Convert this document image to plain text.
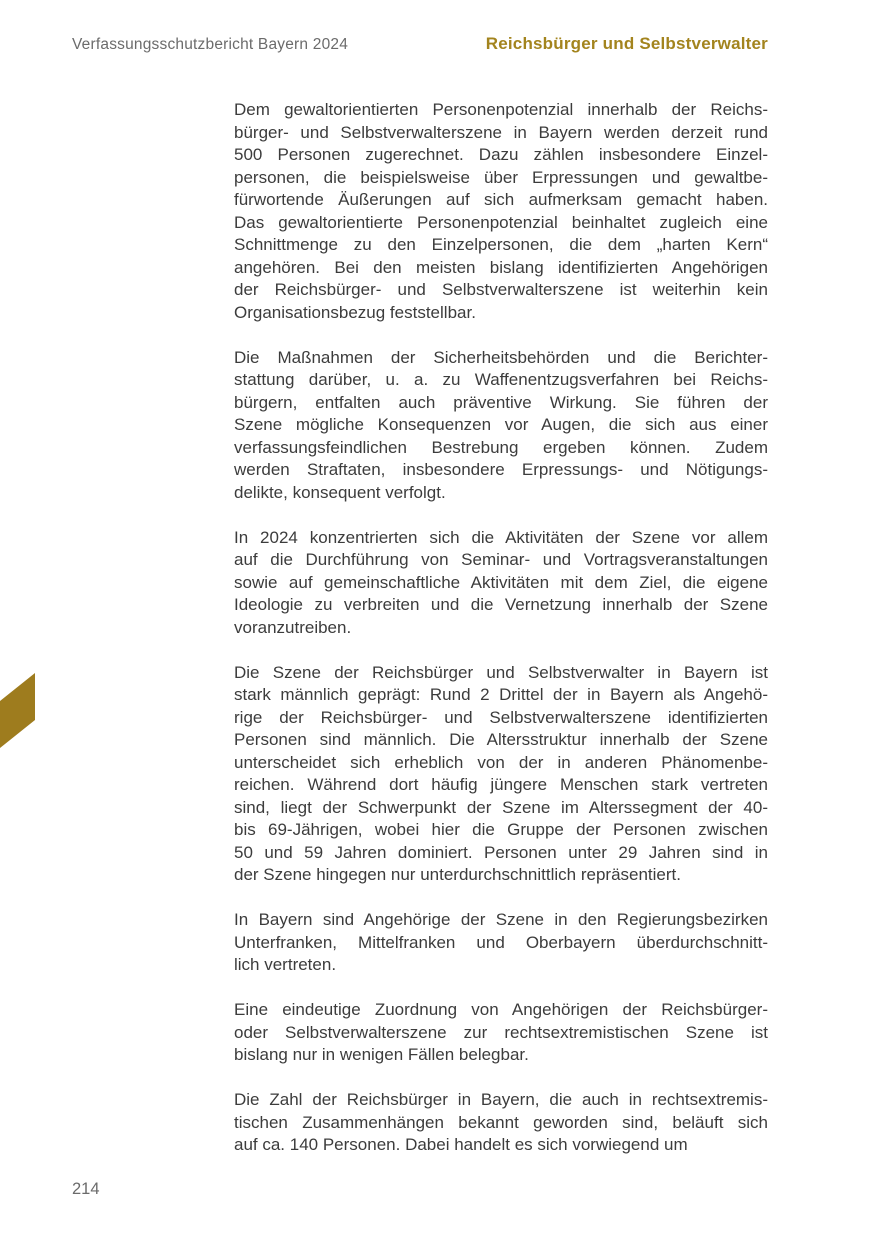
Verfassungsschutzbericht Bayern 2024	Reichsbürger und Selbstverwalter
Dem gewaltorientierten Personenpotenzial innerhalb der Reichs-
bürger- und Selbstverwalterszene in Bayern werden derzeit rund
500 Personen zugerechnet. Dazu zählen insbesondere Einzel-
personen, die beispielsweise über Erpressungen und gewaltbe-
fürwortende Äußerungen auf sich aufmerksam gemacht haben.
Das gewaltorientierte Personenpotenzial beinhaltet zugleich eine
Schnittmenge zu den Einzelpersonen, die dem „harten Kern“
angehören. Bei den meisten bislang identifizierten Angehörigen
der Reichsbürger- und Selbstverwalterszene ist weiterhin kein
Organisationsbezug feststellbar.
Die Maßnahmen der Sicherheitsbehörden und die Berichter-
stattung darüber, u. a. zu Waffenentzugsverfahren bei Reichs-
bürgern, entfalten auch präventive Wirkung. Sie führen der
Szene mögliche Konsequenzen vor Augen, die sich aus einer
verfassungsfeindlichen Bestrebung ergeben können. Zudem
werden Straftaten, insbesondere Erpressungs- und Nötigungs-
delikte, konsequent verfolgt.
In 2024 konzentrierten sich die Aktivitäten der Szene vor allem
auf die Durchführung von Seminar- und Vortragsveranstaltungen
sowie auf gemeinschaftliche Aktivitäten mit dem Ziel, die eigene
Ideologie zu verbreiten und die Vernetzung innerhalb der Szene
voranzutreiben.
Die Szene der Reichsbürger und Selbstverwalter in Bayern ist
stark männlich geprägt: Rund 2 Drittel der in Bayern als Angehö-
rige der Reichsbürger- und Selbstverwalterszene identifizierten
Personen sind männlich. Die Altersstruktur innerhalb der Szene
unterscheidet sich erheblich von der in anderen Phänomenbe-
reichen. Während dort häufig jüngere Menschen stark vertreten
sind, liegt der Schwerpunkt der Szene im Alterssegment der 40-
bis 69-Jährigen, wobei hier die Gruppe der Personen zwischen
50 und 59 Jahren dominiert. Personen unter 29 Jahren sind in
der Szene hingegen nur unterdurchschnittlich repräsentiert.
In Bayern sind Angehörige der Szene in den Regierungsbezirken
Unterfranken, Mittelfranken und Oberbayern überdurchschnitt-
lich vertreten.
Eine eindeutige Zuordnung von Angehörigen der Reichsbürger-
oder Selbstverwalterszene zur rechtsextremistischen Szene ist
bislang nur in wenigen Fällen belegbar.
Die Zahl der Reichsbürger in Bayern, die auch in rechtsextremis-
tischen Zusammenhängen bekannt geworden sind, beläuft sich
auf ca. 140 Personen. Dabei handelt es sich vorwiegend um
214
